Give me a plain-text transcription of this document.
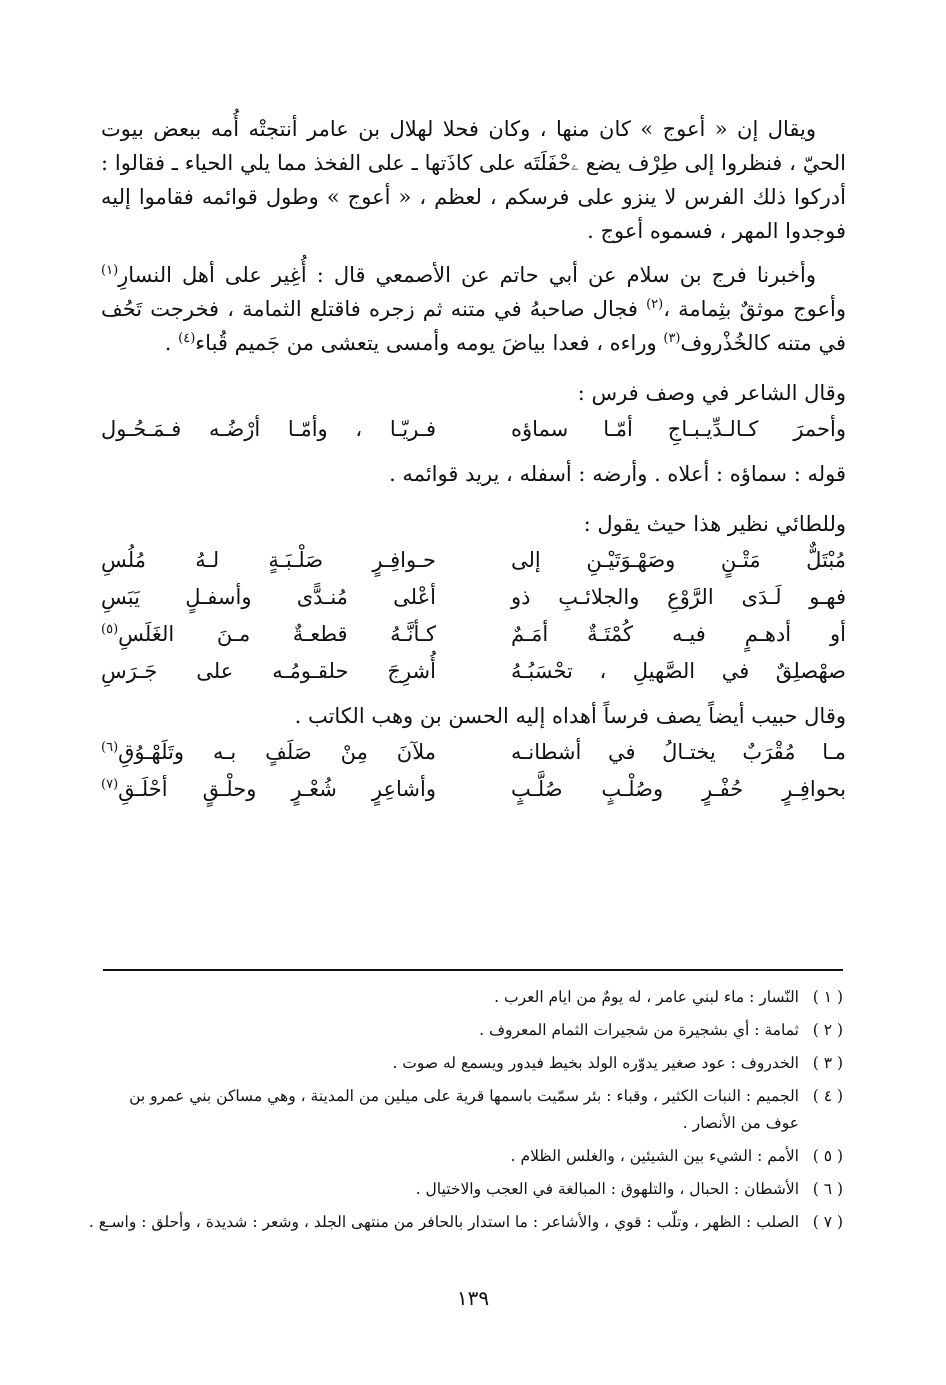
ويقال إن « أعوج » كان منها ، وكان فحلا لهلال بن عامر أنتجتْه أُمه ببعض بيوت الحيّ ، فنظروا إلى طِرْف يضع ۦحْفَلَتَه على كاذَتها ـ على الفخذ مما يلي الحياء ـ فقالوا : أدركوا ذلك الفرس لا ينزو على فرسكم ، لعظم ، « أعوج » وطول قوائمه فقاموا إليه فوجدوا المهر ، فسموه أعوج .

وأخبرنا فرج بن سلام عن أبي حاتم عن الأصمعي قال : أُغِير على أهل النسارِ$^{(١)}$ وأعوج موثقٌ بثِمامة ،$^{(٢)}$ فجال صاحبهُ في متنه ثم زجره فاقتلع الثمامة ، فخرجت تَحُف في متنه كالخُذْروف$^{(٣)}$ وراءه ، فعدا بياضَ يومه وأمسى يتعشى من جَميم قُباء$^{(٤)}$ .

وقال الشاعر في وصف فرس :

وأحمرَ كـالـدِّيـبـاجِ أمّـا سماؤه
فـريّـا ، وأمّـا أرْضُـه فـمَـحُـول

قوله : سماؤه : أعلاه . وأرضه : أسفله ، يريد قوائمه .

وللطائي نظير هذا حيث يقول :

مُبْتَلٌّ مَتْـنٍ وصَهْـوَتَيْـنِ إلى
حـوافِـرٍ صَلْـبَـةٍ لـهُ مُلُسِ
فهـو لَـدَى الرَّوْعِ والجلائـبِ ذو
أعْلى مُنـدًّى وأسفـلٍ يَبَسِ
أو أدهـمٍ فيـه كُمْتَـةٌ أمَـمٌ
كـأنَّـهُ قطعـةٌ مـنَ الغَلَسِ$^{(٥)}$
صهْصلِقٌ في الصَّهيلِ ، تحْسَبُـهُ
أُشرِجَ حلقـومُـه على جَـرَسِ

وقال حبيب أيضاً يصف فرساً أهداه إليه الحسن بن وهب الكاتب .

مـا مُقْرَبٌ يختـالُ في أشطانـه
ملآنَ مِنْ صَلَفٍ بـه وتَلَهْـوُقِ$^{(٦)}$
بحوافِـرٍ حُفْـرٍ وصُلْـبٍ صُلَّـبٍ
وأشاعِرٍ شُعْـرٍ وحلْـقٍ أحْلَـقِ$^{(٧)}$
( ١ )
النّسار : ماء لبني عامر ، له يومٌ من ايام العرب .
( ٢ )
ثمامة : أي بشجيرة من شجيرات الثمام المعروف .
( ٣ )
الخدروف : عود صغير يدوّره الولد بخيط فيدور ويسمع له صوت .
( ٤ )
الجميم : النبات الكثير ، وقباء : بئر سمّيت باسمها قرية على ميلين من المدينة ، وهي مساكن بني عمرو بن
عوف من الأنصار .
( ٥ )
الأمم : الشيء بين الشيئين ، والغلس الظلام .
( ٦ )
الأشطان : الحبال ، والتلهوق : المبالغة في العجب والاختيال .
( ٧ )
الصلب : الظهر ، وتلّب : قوي ، والأشاعر : ما استدار بالحافر من منتهى الجلد ، وشعر : شديدة ، وأحلق : واسـع .
١٣٩
